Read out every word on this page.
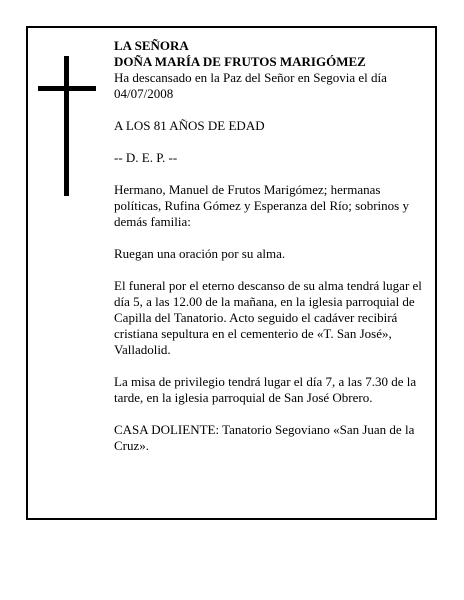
LA SEÑORA

DOÑA MARÍA DE FRUTOS MARIGÓMEZ

Ha descansado en la Paz del Señor en Segovia el día 04/07/2008

A LOS 81 AÑOS DE EDAD

-- D. E. P. --

Hermano, Manuel de Frutos Marigómez; hermanas políticas, Rufina Gómez y Esperanza del Río; sobrinos y demás familia:

Ruegan una oración por su alma.

El funeral por el eterno descanso de su alma tendrá lugar el día 5, a las 12.00 de la mañana, en la iglesia parroquial de Capilla del Tanatorio. Acto seguido el cadáver recibirá cristiana sepultura en el cementerio de «T. San José», Valladolid.

La misa de privilegio tendrá lugar el día 7, a las 7.30 de la tarde, en la iglesia parroquial de San José Obrero.

CASA DOLIENTE: Tanatorio Segoviano «San Juan de la Cruz».
